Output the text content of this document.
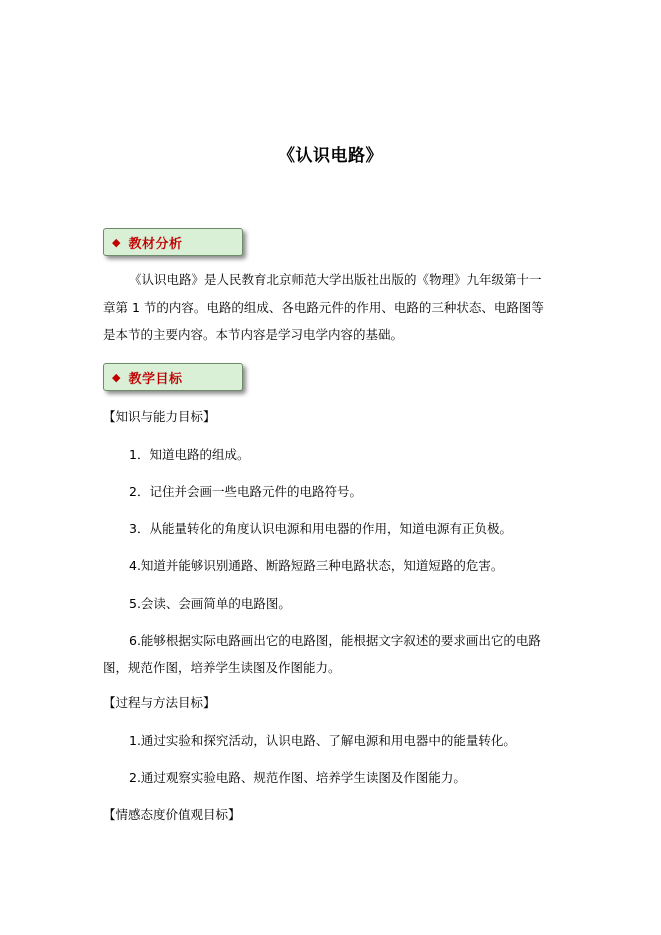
《认识电路》
◆ 教材分析
《认识电路》是人民教育北京师范大学出版社出版的《物理》九年级第十一
章第 1 节的内容。电路的组成、各电路元件的作用、电路的三种状态、电路图等
是本节的主要内容。本节内容是学习电学内容的基础。
◆ 教学目标
【知识与能力目标】
1．知道电路的组成。
2．记住并会画一些电路元件的电路符号。
3．从能量转化的角度认识电源和用电器的作用，知道电源有正负极。
4.知道并能够识别通路、断路短路三种电路状态，知道短路的危害。
5.会读、会画简单的电路图。
6.能够根据实际电路画出它的电路图，能根据文字叙述的要求画出它的电路
图，规范作图，培养学生读图及作图能力。
【过程与方法目标】
1.通过实验和探究活动，认识电路、了解电源和用电器中的能量转化。
2.通过观察实验电路、规范作图、培养学生读图及作图能力。
【情感态度价值观目标】
